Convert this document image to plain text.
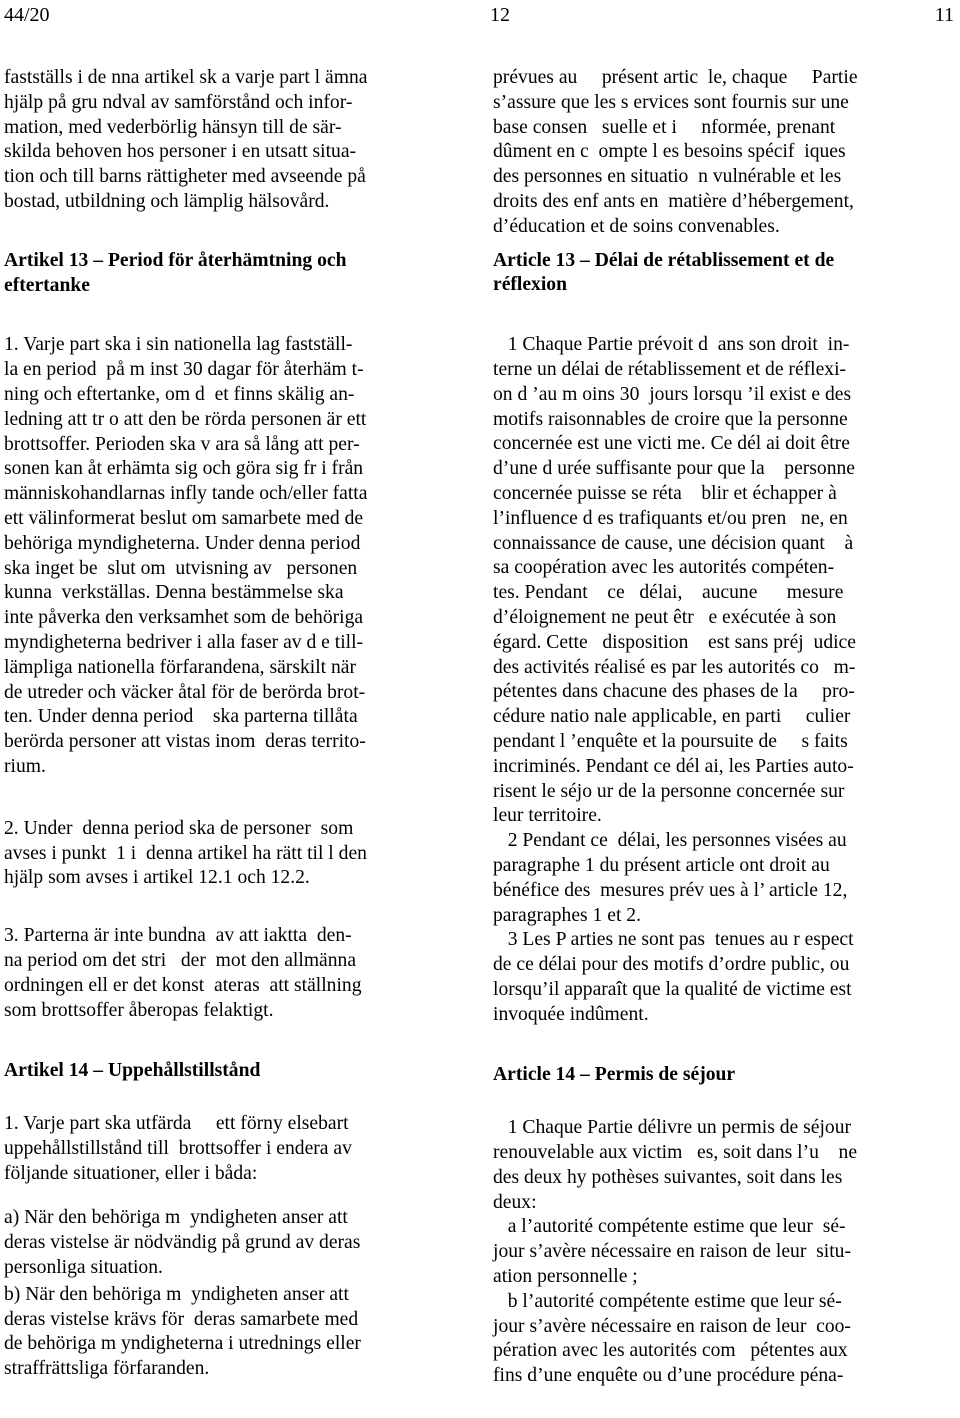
44/20	12	11
fastställs i de nna artikel sk a varje part l ämna
hjälp på gru ndval av samförstånd och infor-
mation, med vederbörlig hänsyn till de sär-
skilda behoven hos personer i en utsatt situa-
tion och till barns rättigheter med avseende på
bostad, utbildning och lämplig hälsovård.
Artikel 13 – Period för återhämtning och
eftertanke
1. Varje part ska i sin nationella lag fastställ-
la en period  på m inst 30 dagar för återhäm t-
ning och eftertanke, om d  et finns skälig an-
ledning att tr o att den be rörda personen är ett
brottsoffer. Perioden ska v ara så lång att per-
sonen kan åt erhämta sig och göra sig fr i från
människohandlarnas infly tande och/eller fatta
ett välinformerat beslut om samarbete med de
behöriga myndigheterna. Under denna period
ska inget be  slut om  utvisning av   personen
kunna  verkställas. Denna bestämmelse ska
inte påverka den verksamhet som de behöriga
myndigheterna bedriver i alla faser av d e till-
lämpliga nationella förfarandena, särskilt när
de utreder och väcker åtal för de berörda brot-
ten. Under denna period    ska parterna tillåta
berörda personer att vistas inom  deras territo-
rium.
2. Under  denna period ska de personer  som
avses i punkt  1 i  denna artikel ha rätt til l den
hjälp som avses i artikel 12.1 och 12.2.
3. Parterna är inte bundna  av att iaktta  den-
na period om det stri   der  mot den allmänna
ordningen ell er det konst  ateras  att ställning
som brottsoffer åberopas felaktigt.
Artikel 14 – Uppehållstillstånd
1. Varje part ska utfärda     ett förny elsebart
uppehållstillstånd till  brottsoffer i endera av
följande situationer, eller i båda:
a) När den behöriga m  yndigheten anser att
deras vistelse är nödvändig på grund av deras
personliga situation.
b) När den behöriga m  yndigheten anser att
deras vistelse krävs för  deras samarbete med
de behöriga m yndigheterna i utrednings eller
straffrättsliga förfaranden.
prévues au     présent artic  le, chaque     Partie
s’assure que les s ervices sont fournis sur une
base consen   suelle et i     nformée, prenant
dûment en c  ompte l es besoins spécif  iques
des personnes en situatio  n vulnérable et les
droits des enf ants en  matière d’hébergement,
d’éducation et de soins convenables.
Article 13 – Délai de rétablissement et de
réflexion
1 Chaque Partie prévoit d  ans son droit  in-
terne un délai de rétablissement et de réflexi-
on d ’au m oins 30  jours lorsqu ’il exist e des
motifs raisonnables de croire que la personne
concernée est une victi me. Ce dél ai doit être
d’une d urée suffisante pour que la    personne
concernée puisse se réta    blir et échapper à
l’influence d es trafiquants et/ou pren   ne, en
connaissance de cause, une décision quant    à
sa coopération avec les autorités compéten-
tes. Pendant    ce   délai,    aucune      mesure
d’éloignement ne peut êtr   e exécutée à son
égard. Cette   disposition    est sans préj  udice
des activités réalisé es par les autorités co   m-
pétentes dans chacune des phases de la     pro-
cédure natio nale applicable, en parti     culier
pendant l ’enquête et la poursuite de     s faits
incriminés. Pendant ce dél ai, les Parties auto-
risent le séjo ur de la personne concernée sur
leur territoire.
2 Pendant ce  délai, les personnes visées au
paragraphe 1 du présent article ont droit au
bénéfice des  mesures prév ues à l’ article 12,
paragraphes 1 et 2.
3 Les P arties ne sont pas  tenues au r espect
de ce délai pour des motifs d’ordre public, ou
lorsqu’il apparaît que la qualité de victime est
invoquée indûment.
Article 14 – Permis de séjour
1 Chaque Partie délivre un permis de séjour
renouvelable aux victim   es, soit dans l’u    ne
des deux hy pothèses suivantes, soit dans les
deux:
a l’autorité compétente estime que leur  sé-
jour s’avère nécessaire en raison de leur  situ-
ation personnelle ;
b l’autorité compétente estime que leur sé-
jour s’avère nécessaire en raison de leur  coo-
pération avec les autorités com   pétentes aux
fins d’une enquête ou d’une procédure péna-
